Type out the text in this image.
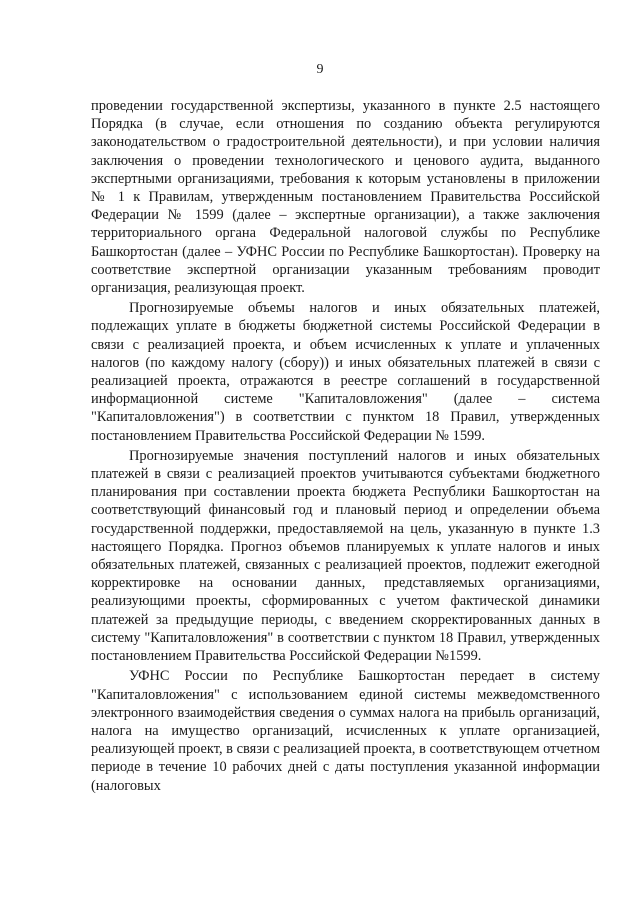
9

проведении государственной экспертизы, указанного в пункте 2.5 настоящего Порядка (в случае, если отношения по созданию объекта регулируются законодательством о градостроительной деятельности), и при условии наличия заключения о проведении технологического и ценового аудита, выданного экспертными организациями, требования к которым установлены в приложении № 1 к Правилам, утвержденным постановлением Правительства Российской Федерации № 1599 (далее – экспертные организации), а также заключения территориального органа Федеральной налоговой службы по Республике Башкортостан (далее – УФНС России по Республике Башкортостан). Проверку на соответствие экспертной организации указанным требованиям проводит организация, реализующая проект.

Прогнозируемые объемы налогов и иных обязательных платежей, подлежащих уплате в бюджеты бюджетной системы Российской Федерации в связи с реализацией проекта, и объем исчисленных к уплате и уплаченных налогов (по каждому налогу (сбору)) и иных обязательных платежей в связи с реализацией проекта, отражаются в реестре соглашений в государственной информационной системе "Капиталовложения" (далее – система "Капиталовложения") в соответствии с пунктом 18 Правил, утвержденных постановлением Правительства Российской Федерации № 1599.

Прогнозируемые значения поступлений налогов и иных обязательных платежей в связи с реализацией проектов учитываются субъектами бюджетного планирования при составлении проекта бюджета Республики Башкортостан на соответствующий финансовый год и плановый период и определении объема государственной поддержки, предоставляемой на цель, указанную в пункте 1.3 настоящего Порядка. Прогноз объемов планируемых к уплате налогов и иных обязательных платежей, связанных с реализацией проектов, подлежит ежегодной корректировке на основании данных, представляемых организациями, реализующими проекты, сформированных с учетом фактической динамики платежей за предыдущие периоды, с введением скорректированных данных в систему "Капиталовложения" в соответствии с пунктом 18 Правил, утвержденных постановлением Правительства Российской Федерации №1599.

УФНС России по Республике Башкортостан передает в систему "Капиталовложения" с использованием единой системы межведомственного электронного взаимодействия сведения о суммах налога на прибыль организаций, налога на имущество организаций, исчисленных к уплате организацией, реализующей проект, в связи с реализацией проекта, в соответствующем отчетном периоде в течение 10 рабочих дней с даты поступления указанной информации (налоговых
